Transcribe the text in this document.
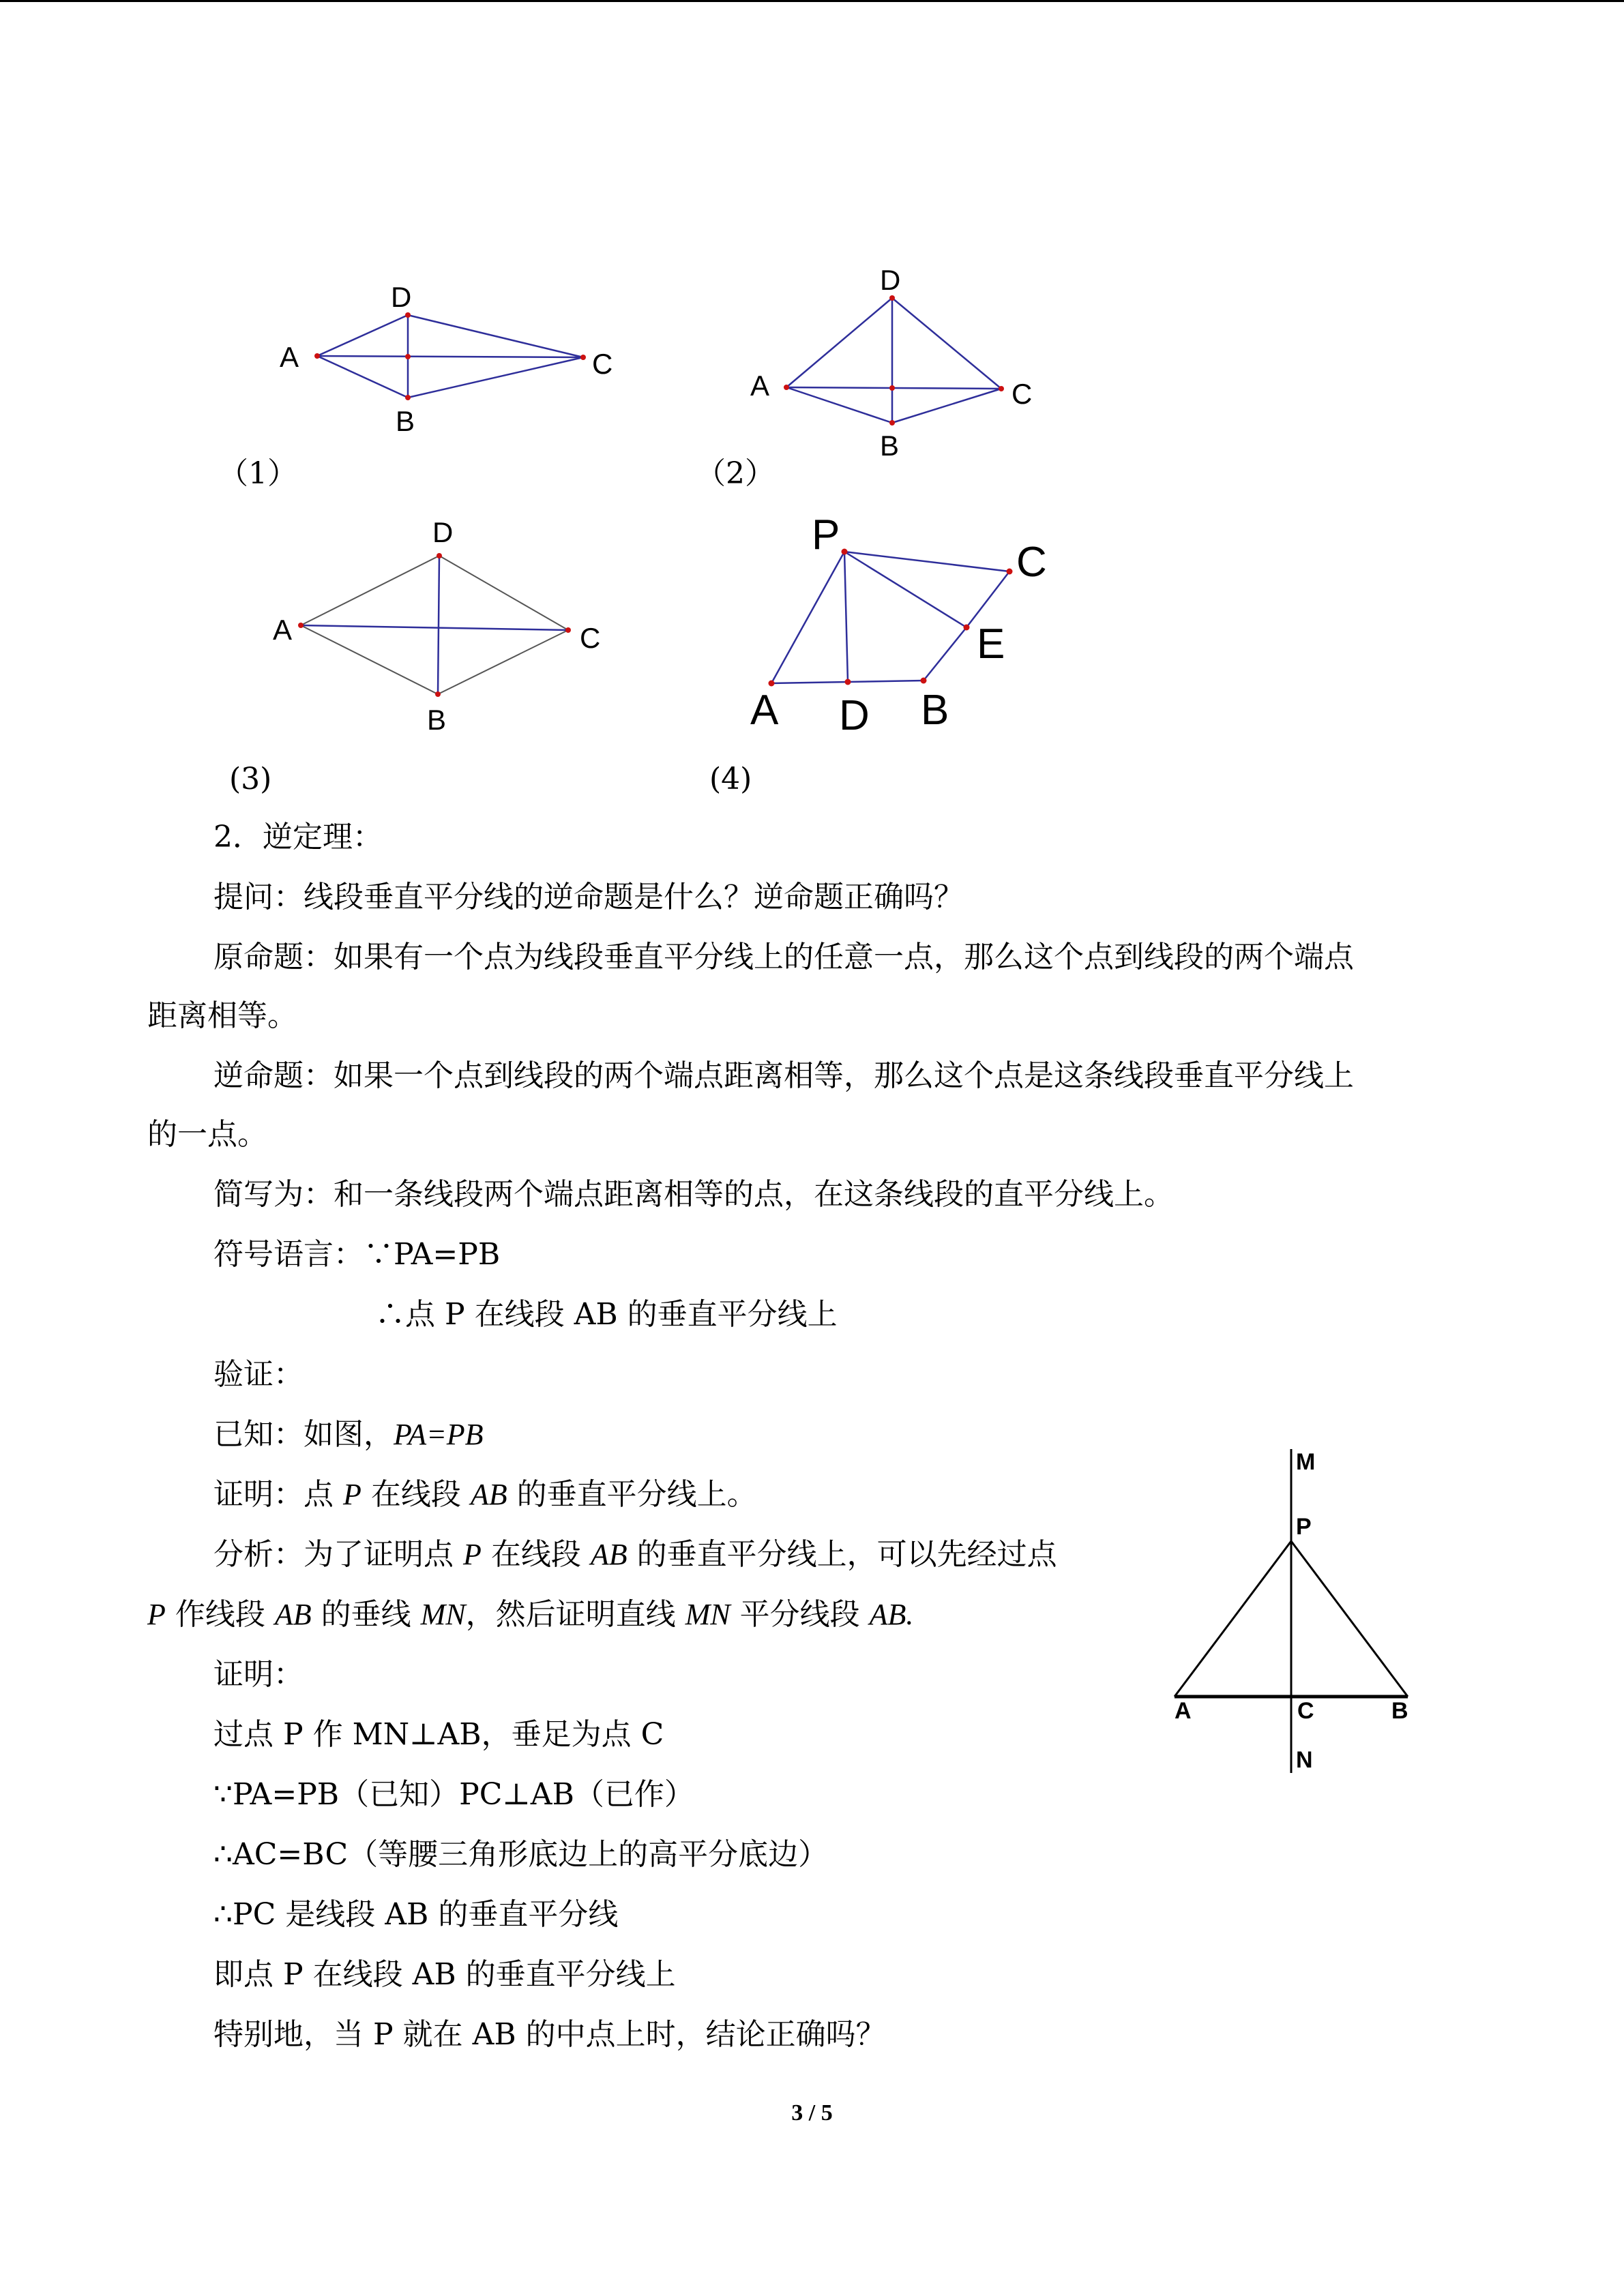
D
A	C
B
（1）
D
A	C
B
（2）
D
A	C
B
(3)
P
C
E
A D B
(4)
2．逆定理：
提问：线段垂直平分线的逆命题是什么？逆命题正确吗？
原命题：如果有一个点为线段垂直平分线上的任意一点，那么这个点到线段的两个端点
距离相等。
逆命题：如果一个点到线段的两个端点距离相等，那么这个点是这条线段垂直平分线上
的一点。
简写为：和一条线段两个端点距离相等的点，在这条线段的直平分线上。
符号语言：∵PA=PB
∴点 P 在线段 AB 的垂直平分线上
验证：
已知：如图，PA=PB
证明：点 P 在线段 AB 的垂直平分线上。
分析：为了证明点 P 在线段 AB 的垂直平分线上，可以先经过点
P 作线段 AB 的垂线 MN，然后证明直线 MN 平分线段 AB.
证明：
过点 P 作 MN⊥AB，垂足为点 C
∵PA=PB（已知）PC⊥AB（已作）
∴AC=BC（等腰三角形底边上的高平分底边）
∴PC 是线段 AB 的垂直平分线
即点 P 在线段 AB 的垂直平分线上
特别地，当 P 就在 AB 的中点上时，结论正确吗？
M
P
A	C	B
N
3 / 5
